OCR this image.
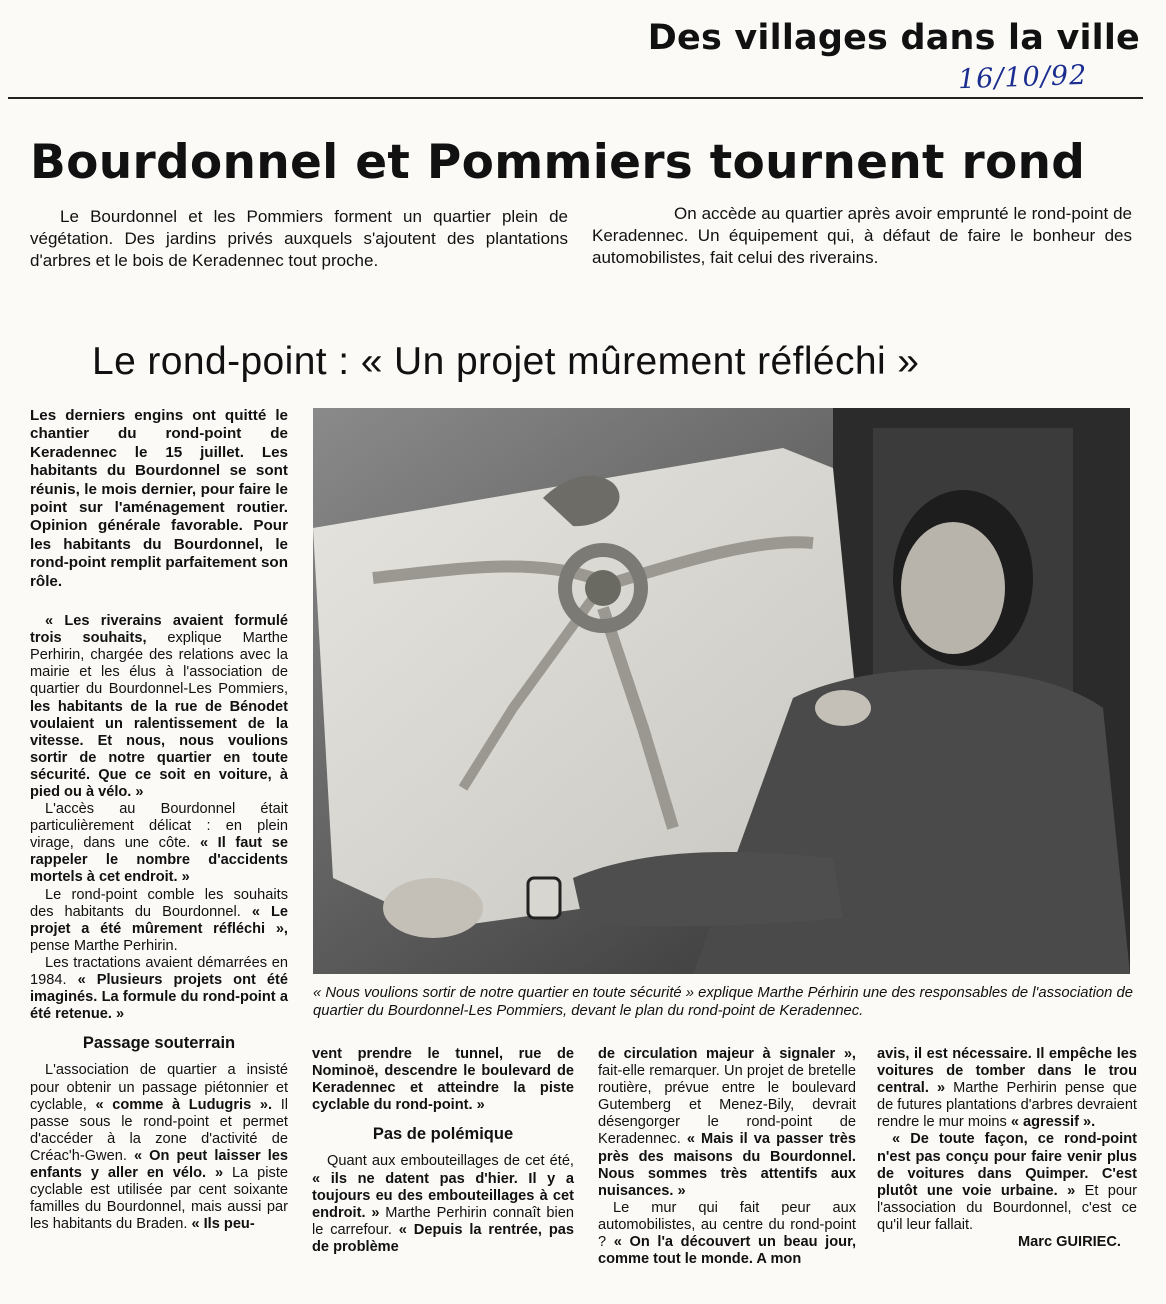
Des villages dans la ville
16/10/92
Bourdonnel et Pommiers tournent rond
Le Bourdonnel et les Pommiers forment un quartier plein de végétation. Des jardins privés auxquels s'ajoutent des plantations d'arbres et le bois de Keradennec tout proche.
On accède au quartier après avoir emprunté le rond-point de Keradennec. Un équipement qui, à défaut de faire le bonheur des automobilistes, fait celui des riverains.
Le rond-point : « Un projet mûrement réfléchi »

Les derniers engins ont quitté le chantier du rond-point de Keradennec le 15 juillet. Les habitants du Bourdonnel se sont réunis, le mois dernier, pour faire le point sur l'aménagement routier. Opinion générale favorable. Pour les habitants du Bourdonnel, le rond-point remplit parfaitement son rôle.

« Les riverains avaient formulé trois souhaits, explique Marthe Perhirin, chargée des relations avec la mairie et les élus à l'association de quartier du Bourdonnel-Les Pommiers, les habitants de la rue de Bénodet voulaient un ralentissement de la vitesse. Et nous, nous voulions sortir de notre quartier en toute sécurité. Que ce soit en voiture, à pied ou à vélo. »

L'accès au Bourdonnel était particulièrement délicat : en plein virage, dans une côte. « Il faut se rappeler le nombre d'accidents mortels à cet endroit. »

Le rond-point comble les souhaits des habitants du Bourdonnel. « Le projet a été mûrement réfléchi », pense Marthe Perhirin.

Les tractations avaient démarrées en 1984. « Plusieurs projets ont été imaginés. La formule du rond-point a été retenue. »

Passage souterrain

L'association de quartier a insisté pour obtenir un passage piétonnier et cyclable, « comme à Ludugris ». Il passe sous le rond-point et permet d'accéder à la zone d'activité de Créac'h-Gwen. « On peut laisser les enfants y aller en vélo. » La piste cyclable est utilisée par cent soixante familles du Bourdonnel, mais aussi par les habitants du Braden. « Ils peu-

« Nous voulions sortir de notre quartier en toute sécurité » explique Marthe Pérhirin une des responsables de l'association de quartier du Bourdonnel-Les Pommiers, devant le plan du rond-point de Keradennec.

vent prendre le tunnel, rue de Nominoë, descendre le boulevard de Keradennec et atteindre la piste cyclable du rond-point. »

Pas de polémique

Quant aux embouteillages de cet été, « ils ne datent pas d'hier. Il y a toujours eu des embouteillages à cet endroit. » Marthe Perhirin connaît bien le carrefour. « Depuis la rentrée, pas de problème

de circulation majeur à signaler », fait-elle remarquer. Un projet de bretelle routière, prévue entre le boulevard Gutemberg et Menez-Bily, devrait désengorger le rond-point de Keradennec. « Mais il va passer très près des maisons du Bourdonnel. Nous sommes très attentifs aux nuisances. »

Le mur qui fait peur aux automobilistes, au centre du rond-point ? « On l'a découvert un beau jour, comme tout le monde. A mon

avis, il est nécessaire. Il empêche les voitures de tomber dans le trou central. » Marthe Perhirin pense que de futures plantations d'arbres devraient rendre le mur moins « agressif ».

« De toute façon, ce rond-point n'est pas conçu pour faire venir plus de voitures dans Quimper. C'est plutôt une voie urbaine. » Et pour l'association du Bourdonnel, c'est ce qu'il leur fallait.

Marc GUIRIEC.
